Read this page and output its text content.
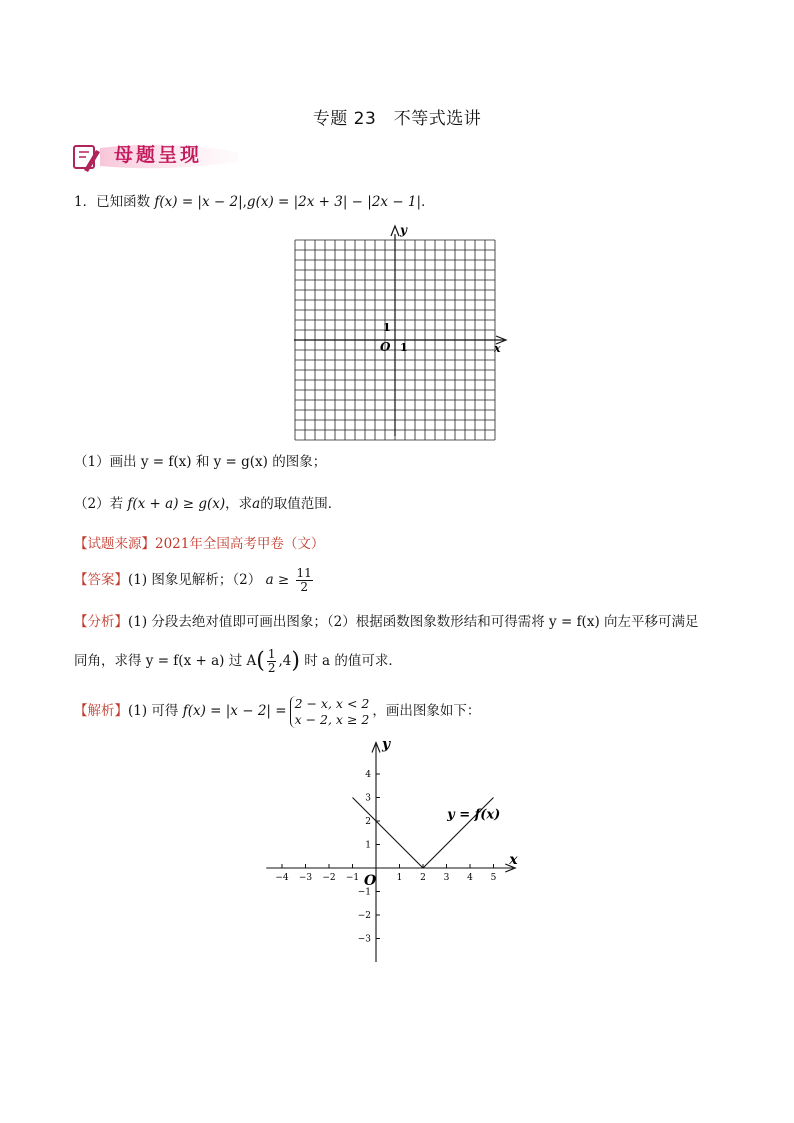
专题 23　不等式选讲
母题呈现
1．已知函数 f(x) = |x − 2|,g(x) = |2x + 3| − |2x − 1|．
y
x
O 1
1
（1）画出 y = f(x) 和 y = g(x) 的图象；
（2）若 f(x + a) ≥ g(x)，求a的取值范围．
【试题来源】2021年全国高考甲卷（文）
【答案】(1) 图象见解析；（2） $a \ge \frac{11}{2}$
【分析】(1) 分段去绝对值即可画出图象；（2）根据函数图象数形结和可得需将 y = f(x) 向左平移可满足
同角，求得 y = f(x + a) 过 $A( \frac{1}{2} ,4)$ 时 a 的值可求．
【解析】(1) 可得 f(x) = |x − 2| = 2 − x, x < 2
x − 2, x ≥ 2 ，画出图象如下：
x
y
O
−4 −3 −2 −1	1 2 3 4 5
4
3
2
1
−1
−2
−3
y = f(x)
